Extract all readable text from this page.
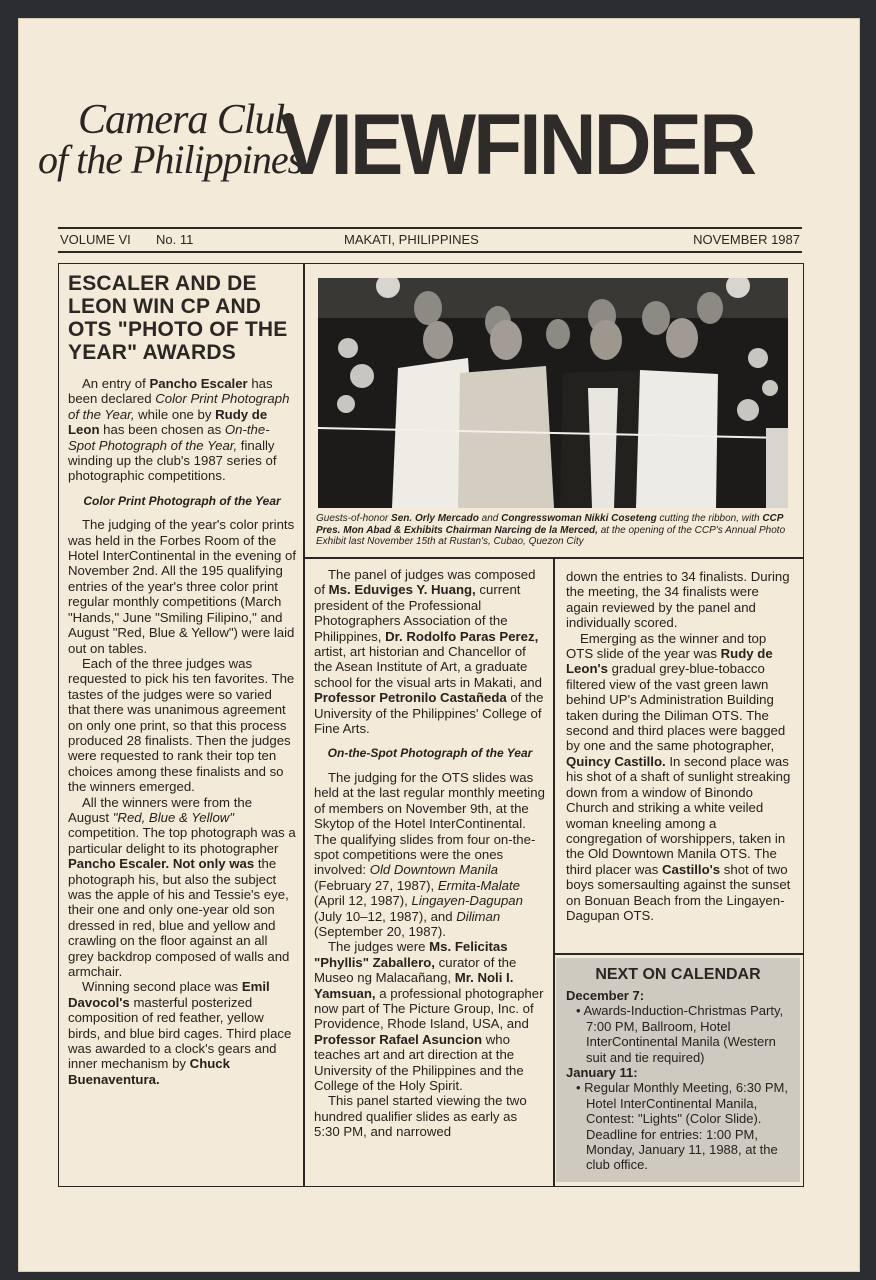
Camera Club
of the Philippines
VIEWFINDER
VOLUME VI No. 11	MAKATI, PHILIPPINES	NOVEMBER 1987
ESCALER AND DE LEON WIN CP AND OTS "PHOTO OF THE YEAR" AWARDS

An entry of Pancho Escaler has been declared Color Print Photograph of the Year, while one by Rudy de Leon has been chosen as On-the-Spot Photograph of the Year, finally winding up the club's 1987 series of photographic competitions.

Color Print Photograph of the Year

The judging of the year's color prints was held in the Forbes Room of the Hotel InterContinental in the evening of November 2nd. All the 195 qualifying entries of the year's three color print regular monthly competitions (March "Hands," June "Smiling Filipino," and August "Red, Blue & Yellow") were laid out on tables.

Each of the three judges was requested to pick his ten favorites. The tastes of the judges were so varied that there was unanimous agreement on only one print, so that this process produced 28 finalists. Then the judges were requested to rank their top ten choices among these finalists and so the winners emerged.

All the winners were from the August "Red, Blue & Yellow" competition. The top photograph was a particular delight to its photographer Pancho Escaler. Not only was the photograph his, but also the subject was the apple of his and Tessie's eye, their one and only one-year old son dressed in red, blue and yellow and crawling on the floor against an all grey backdrop composed of walls and armchair.

Winning second place was Emil Davocol's masterful posterized composition of red feather, yellow birds, and blue bird cages. Third place was awarded to a clock's gears and inner mechanism by Chuck Buenaventura.

Guests-of-honor Sen. Orly Mercado and Congresswoman Nikki Coseteng cutting the ribbon, with CCP Pres. Mon Abad & Exhibits Chairman Narcing de la Merced, at the opening of the CCP's Annual Photo Exhibit last November 15th at Rustan's, Cubao, Quezon City

The panel of judges was composed of Ms. Eduviges Y. Huang, current president of the Professional Photographers Association of the Philippines, Dr. Rodolfo Paras Perez, artist, art historian and Chancellor of the Asean Institute of Art, a graduate school for the visual arts in Makati, and Professor Petronilo Castañeda of the University of the Philippines' College of Fine Arts.

On-the-Spot Photograph of the Year

The judging for the OTS slides was held at the last regular monthly meeting of members on November 9th, at the Skytop of the Hotel InterContinental. The qualifying slides from four on-the-spot competitions were the ones involved: Old Downtown Manila (February 27, 1987), Ermita-Malate (April 12, 1987), Lingayen-Dagupan (July 10–12, 1987), and Diliman (September 20, 1987).

The judges were Ms. Felicitas "Phyllis" Zaballero, curator of the Museo ng Malacañang, Mr. Noli I. Yamsuan, a professional photographer now part of The Picture Group, Inc. of Providence, Rhode Island, USA, and Professor Rafael Asuncion who teaches art and art direction at the University of the Philippines and the College of the Holy Spirit.

This panel started viewing the two hundred qualifier slides as early as 5:30 PM, and narrowed

down the entries to 34 finalists. During the meeting, the 34 finalists were again reviewed by the panel and individually scored.

Emerging as the winner and top OTS slide of the year was Rudy de Leon's gradual grey-blue-tobacco filtered view of the vast green lawn behind UP's Administration Building taken during the Diliman OTS. The second and third places were bagged by one and the same photographer, Quincy Castillo. In second place was his shot of a shaft of sunlight streaking down from a window of Binondo Church and striking a white veiled woman kneeling among a congregation of worshippers, taken in the Old Downtown Manila OTS. The third placer was Castillo's shot of two boys somersaulting against the sunset on Bonuan Beach from the Lingayen-Dagupan OTS.

NEXT ON CALENDAR
December 7:
• Awards-Induction-Christmas Party, 7:00 PM, Ballroom, Hotel InterContinental Manila (Western suit and tie required)
January 11:
• Regular Monthly Meeting, 6:30 PM, Hotel InterContinental Manila, Contest: "Lights" (Color Slide). Deadline for entries: 1:00 PM, Monday, January 11, 1988, at the club office.
